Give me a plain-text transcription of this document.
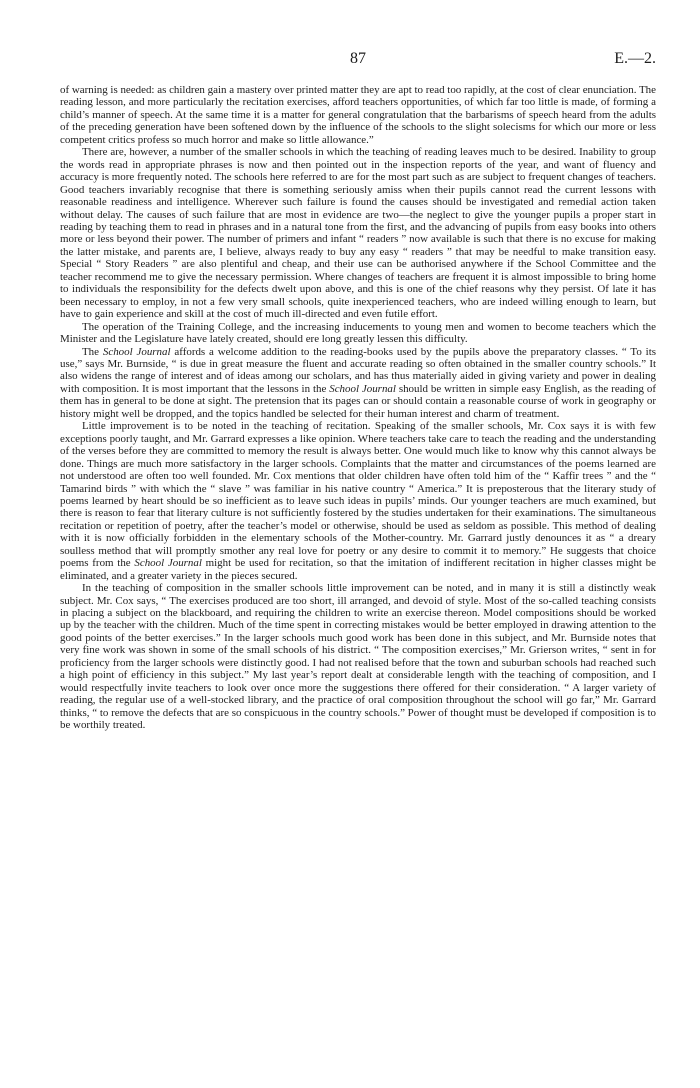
87	E.—2.

of warning is needed: as children gain a mastery over printed matter they are apt to read too rapidly, at the cost of clear enunciation. The reading lesson, and more particularly the recitation exercises, afford teachers opportunities, of which far too little is made, of forming a child’s manner of speech. At the same time it is a matter for general congratulation that the barbarisms of speech heard from the adults of the preceding generation have been softened down by the influence of the schools to the slight solecisms for which our more or less competent critics profess so much horror and make so little allowance.”

There are, however, a number of the smaller schools in which the teaching of reading leaves much to be desired. Inability to group the words read in appropriate phrases is now and then pointed out in the inspection reports of the year, and want of fluency and accuracy is more frequently noted. The schools here referred to are for the most part such as are subject to frequent changes of teachers. Good teachers invariably recognise that there is something seriously amiss when their pupils cannot read the current lessons with reasonable readiness and intelligence. Wherever such failure is found the causes should be investigated and remedial action taken without delay. The causes of such failure that are most in evidence are two—the neglect to give the younger pupils a proper start in reading by teaching them to read in phrases and in a natural tone from the first, and the advancing of pupils from easy books into others more or less beyond their power. The number of primers and infant “ readers ” now available is such that there is no excuse for making the latter mistake, and parents are, I believe, always ready to buy any easy “ readers ” that may be needful to make transition easy. Special “ Story Readers ” are also plentiful and cheap, and their use can be authorised anywhere if the School Committee and the teacher recommend me to give the necessary permission. Where changes of teachers are frequent it is almost impossible to bring home to individuals the responsibility for the defects dwelt upon above, and this is one of the chief reasons why they persist. Of late it has been necessary to employ, in not a few very small schools, quite inexperienced teachers, who are indeed willing enough to learn, but have to gain experience and skill at the cost of much ill-directed and even futile effort.

The operation of the Training College, and the increasing inducements to young men and women to become teachers which the Minister and the Legislature have lately created, should ere long greatly lessen this difficulty.

The School Journal affords a welcome addition to the reading-books used by the pupils above the preparatory classes. “ To its use,” says Mr. Burnside, “ is due in great measure the fluent and accurate reading so often obtained in the smaller country schools.” It also widens the range of interest and of ideas among our scholars, and has thus materially aided in giving variety and power in dealing with composition. It is most important that the lessons in the School Journal should be written in simple easy English, as the reading of them has in general to be done at sight. The pretension that its pages can or should contain a reasonable course of work in geography or history might well be dropped, and the topics handled be selected for their human interest and charm of treatment.

Little improvement is to be noted in the teaching of recitation. Speaking of the smaller schools, Mr. Cox says it is with few exceptions poorly taught, and Mr. Garrard expresses a like opinion. Where teachers take care to teach the reading and the understanding of the verses before they are committed to memory the result is always better. One would much like to know why this cannot always be done. Things are much more satisfactory in the larger schools. Complaints that the matter and circumstances of the poems learned are not understood are often too well founded. Mr. Cox mentions that older children have often told him of the “ Kaffir trees ” and the “ Tamarind birds ” with which the “ slave ” was familiar in his native country “ America.” It is preposterous that the literary study of poems learned by heart should be so inefficient as to leave such ideas in pupils’ minds. Our younger teachers are much examined, but there is reason to fear that literary culture is not sufficiently fostered by the studies undertaken for their examinations. The simultaneous recitation or repetition of poetry, after the teacher’s model or otherwise, should be used as seldom as possible. This method of dealing with it is now officially forbidden in the elementary schools of the Mother-country. Mr. Garrard justly denounces it as “ a dreary soulless method that will promptly smother any real love for poetry or any desire to commit it to memory.” He suggests that choice poems from the School Journal might be used for recitation, so that the imitation of indifferent recitation in higher classes might be eliminated, and a greater variety in the pieces secured.

In the teaching of composition in the smaller schools little improvement can be noted, and in many it is still a distinctly weak subject. Mr. Cox says, “ The exercises produced are too short, ill arranged, and devoid of style. Most of the so-called teaching consists in placing a subject on the blackboard, and requiring the children to write an exercise thereon. Model compositions should be worked up by the teacher with the children. Much of the time spent in correcting mistakes would be better employed in drawing attention to the good points of the better exercises.” In the larger schools much good work has been done in this subject, and Mr. Burnside notes that very fine work was shown in some of the small schools of his district. “ The composition exercises,” Mr. Grierson writes, “ sent in for proficiency from the larger schools were distinctly good. I had not realised before that the town and suburban schools had reached such a high point of efficiency in this subject.” My last year’s report dealt at considerable length with the teaching of composition, and I would respectfully invite teachers to look over once more the suggestions there offered for their consideration. “ A larger variety of reading, the regular use of a well-stocked library, and the practice of oral composition throughout the school will go far,” Mr. Garrard thinks, “ to remove the defects that are so conspicuous in the country schools.” Power of thought must be developed if composition is to be worthily treated.
